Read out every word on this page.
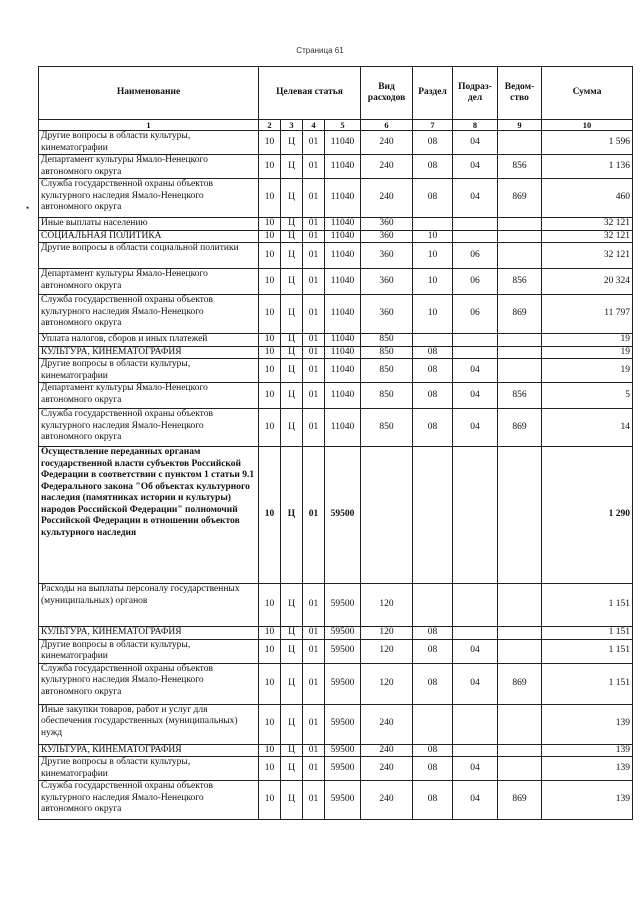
Страница 61
•
Наименование	Целевая статья				Вид расходов	Раздел	Подраз-дел	Ведом-ство	Сумма
1	2	3	4	5	6	7	8	9	10
Другие вопросы в области культуры, кинематографии	10	Ц	01	11040	240	08	04		1 596
Департамент культуры Ямало-Ненецкого автономного округа	10	Ц	01	11040	240	08	04	856	1 136
Служба государственной охраны объектов культурного наследия Ямало-Ненецкого автономного округа	10	Ц	01	11040	240	08	04	869	460
Иные выплаты населению	10	Ц	01	11040	360				32 121
СОЦИАЛЬНАЯ ПОЛИТИКА	10	Ц	01	11040	360	10			32 121
Другие вопросы в области социальной политики	10	Ц	01	11040	360	10	06		32 121
Департамент культуры Ямало-Ненецкого автономного округа	10	Ц	01	11040	360	10	06	856	20 324
Служба государственной охраны объектов культурного наследия Ямало-Ненецкого автономного округа	10	Ц	01	11040	360	10	06	869	11 797
Уплата налогов, сборов и иных платежей	10	Ц	01	11040	850				19
КУЛЬТУРА, КИНЕМАТОГРАФИЯ	10	Ц	01	11040	850	08			19
Другие вопросы в области культуры, кинематографии	10	Ц	01	11040	850	08	04		19
Департамент культуры Ямало-Ненецкого автономного округа	10	Ц	01	11040	850	08	04	856	5
Служба государственной охраны объектов культурного наследия Ямало-Ненецкого автономного округа	10	Ц	01	11040	850	08	04	869	14
Осуществление переданных органам государственной власти субъектов Российской Федерации в соответствии с пунктом 1 статьи 9.1 Федерального закона "Об объектах культурного наследия (памятниках истории и культуры) народов Российской Федерации" полномочий Российской Федерации в отношении объектов культурного наследия	10	Ц	01	59500					1 290
Расходы на выплаты персоналу государственных (муниципальных) органов	10	Ц	01	59500	120				1 151
КУЛЬТУРА, КИНЕМАТОГРАФИЯ	10	Ц	01	59500	120	08			1 151
Другие вопросы в области культуры, кинематографии	10	Ц	01	59500	120	08	04		1 151
Служба государственной охраны объектов культурного наследия Ямало-Ненецкого автономного округа	10	Ц	01	59500	120	08	04	869	1 151
Иные закупки товаров, работ и услуг для обеспечения государственных (муниципальных) нужд	10	Ц	01	59500	240				139
КУЛЬТУРА, КИНЕМАТОГРАФИЯ	10	Ц	01	59500	240	08			139
Другие вопросы в области культуры, кинематографии	10	Ц	01	59500	240	08	04		139
Служба государственной охраны объектов культурного наследия Ямало-Ненецкого автономного округа	10	Ц	01	59500	240	08	04	869	139
